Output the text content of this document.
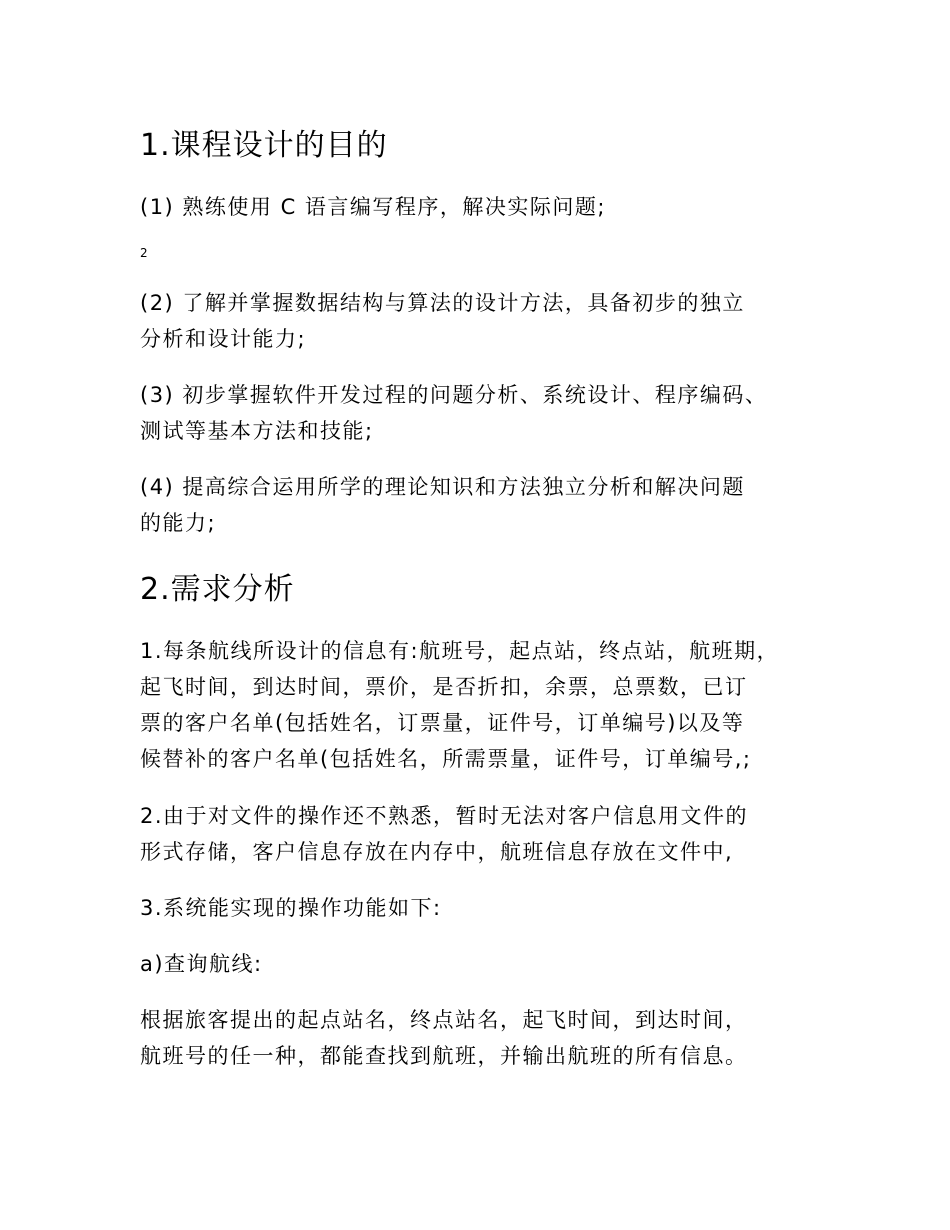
1.课程设计的目的
(1) 熟练使用 C 语言编写程序，解决实际问题;
2
(2) 了解并掌握数据结构与算法的设计方法，具备初步的独立
分析和设计能力;
(3) 初步掌握软件开发过程的问题分析、系统设计、程序编码、
测试等基本方法和技能;
(4) 提高综合运用所学的理论知识和方法独立分析和解决问题
的能力;
2.需求分析
1.每条航线所设计的信息有:航班号，起点站，终点站，航班期，
起飞时间，到达时间，票价，是否折扣，余票，总票数，已订
票的客户名单(包括姓名，订票量，证件号，订单编号)以及等
候替补的客户名单(包括姓名，所需票量，证件号，订单编号,;
2.由于对文件的操作还不熟悉，暂时无法对客户信息用文件的
形式存储，客户信息存放在内存中，航班信息存放在文件中,
3.系统能实现的操作功能如下:
a)查询航线:
根据旅客提出的起点站名，终点站名，起飞时间，到达时间，
航班号的任一种，都能查找到航班，并输出航班的所有信息。
